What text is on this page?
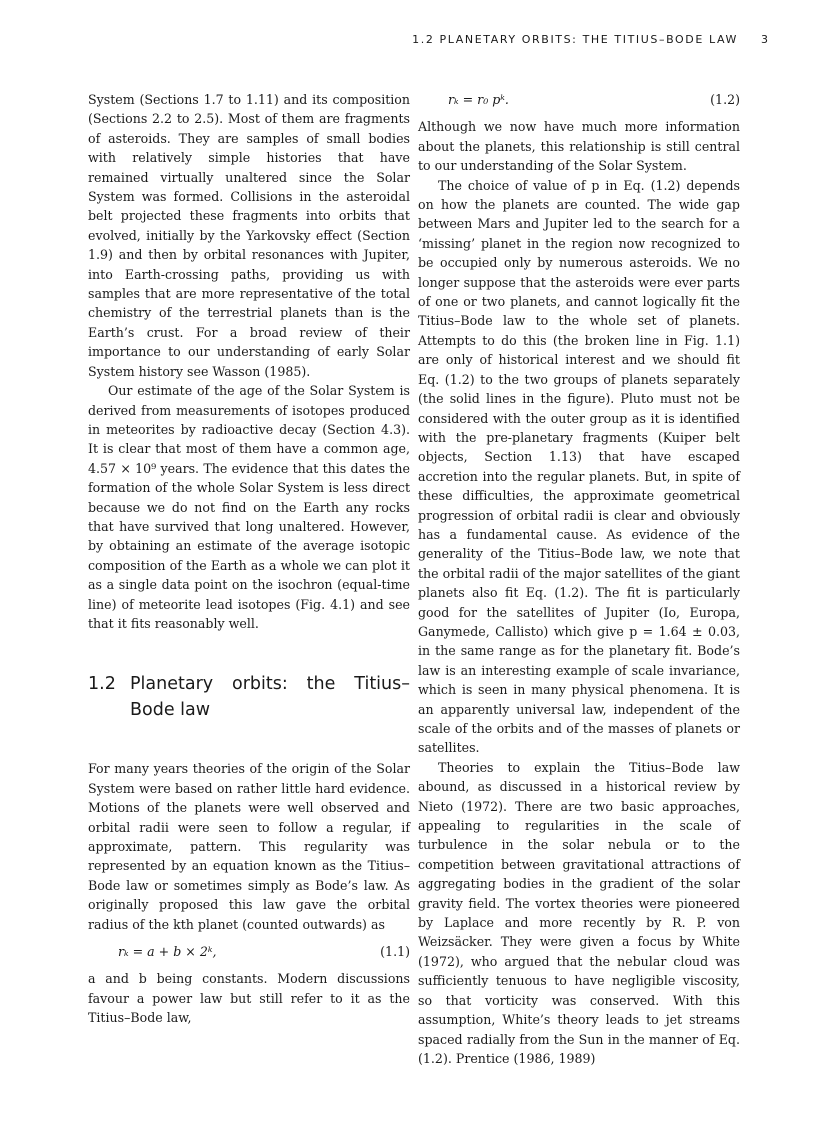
1.2 PLANETARY ORBITS: THE TITIUS–BODE LAW 3

System (Sections 1.7 to 1.11) and its composition (Sections 2.2 to 2.5). Most of them are fragments of asteroids. They are samples of small bodies with relatively simple histories that have remained virtually unaltered since the Solar System was formed. Collisions in the asteroidal belt projected these fragments into orbits that evolved, initially by the Yarkovsky effect (Section 1.9) and then by orbital resonances with Jupiter, into Earth-crossing paths, providing us with samples that are more representative of the total chemistry of the terrestrial planets than is the Earth’s crust. For a broad review of their importance to our understanding of early Solar System history see Wasson (1985).

Our estimate of the age of the Solar System is derived from measurements of isotopes produced in meteorites by radioactive decay (Section 4.3). It is clear that most of them have a common age, 4.57 × 10⁹ years. The evidence that this dates the formation of the whole Solar System is less direct because we do not find on the Earth any rocks that have survived that long unaltered. However, by obtaining an estimate of the average isotopic composition of the Earth as a whole we can plot it as a single data point on the isochron (equal-time line) of meteorite lead isotopes (Fig. 4.1) and see that it fits reasonably well.

1.2 Planetary orbits: the Titius–Bode law

For many years theories of the origin of the Solar System were based on rather little hard evidence. Motions of the planets were well observed and orbital radii were seen to follow a regular, if approximate, pattern. This regularity was represented by an equation known as the Titius–Bode law or sometimes simply as Bode’s law. As originally proposed this law gave the orbital radius of the kth planet (counted outwards) as

rₖ = a + b × 2ᵏ,	(1.1)

a and b being constants. Modern discussions favour a power law but still refer to it as the Titius–Bode law,

rₖ = r₀ pᵏ.	(1.2)

Although we now have much more information about the planets, this relationship is still central to our understanding of the Solar System.

The choice of value of p in Eq. (1.2) depends on how the planets are counted. The wide gap between Mars and Jupiter led to the search for a ‘missing’ planet in the region now recognized to be occupied only by numerous asteroids. We no longer suppose that the asteroids were ever parts of one or two planets, and cannot logically fit the Titius–Bode law to the whole set of planets. Attempts to do this (the broken line in Fig. 1.1) are only of historical interest and we should fit Eq. (1.2) to the two groups of planets separately (the solid lines in the figure). Pluto must not be considered with the outer group as it is identified with the pre-planetary fragments (Kuiper belt objects, Section 1.13) that have escaped accretion into the regular planets. But, in spite of these difficulties, the approximate geometrical progression of orbital radii is clear and obviously has a fundamental cause. As evidence of the generality of the Titius–Bode law, we note that the orbital radii of the major satellites of the giant planets also fit Eq. (1.2). The fit is particularly good for the satellites of Jupiter (Io, Europa, Ganymede, Callisto) which give p = 1.64 ± 0.03, in the same range as for the planetary fit. Bode’s law is an interesting example of scale invariance, which is seen in many physical phenomena. It is an apparently universal law, independent of the scale of the orbits and of the masses of planets or satellites.

Theories to explain the Titius–Bode law abound, as discussed in a historical review by Nieto (1972). There are two basic approaches, appealing to regularities in the scale of turbulence in the solar nebula or to the competition between gravitational attractions of aggregating bodies in the gradient of the solar gravity field. The vortex theories were pioneered by Laplace and more recently by R. P. von Weizsäcker. They were given a focus by White (1972), who argued that the nebular cloud was sufficiently tenuous to have negligible viscosity, so that vorticity was conserved. With this assumption, White’s theory leads to jet streams spaced radially from the Sun in the manner of Eq. (1.2). Prentice (1986, 1989)
